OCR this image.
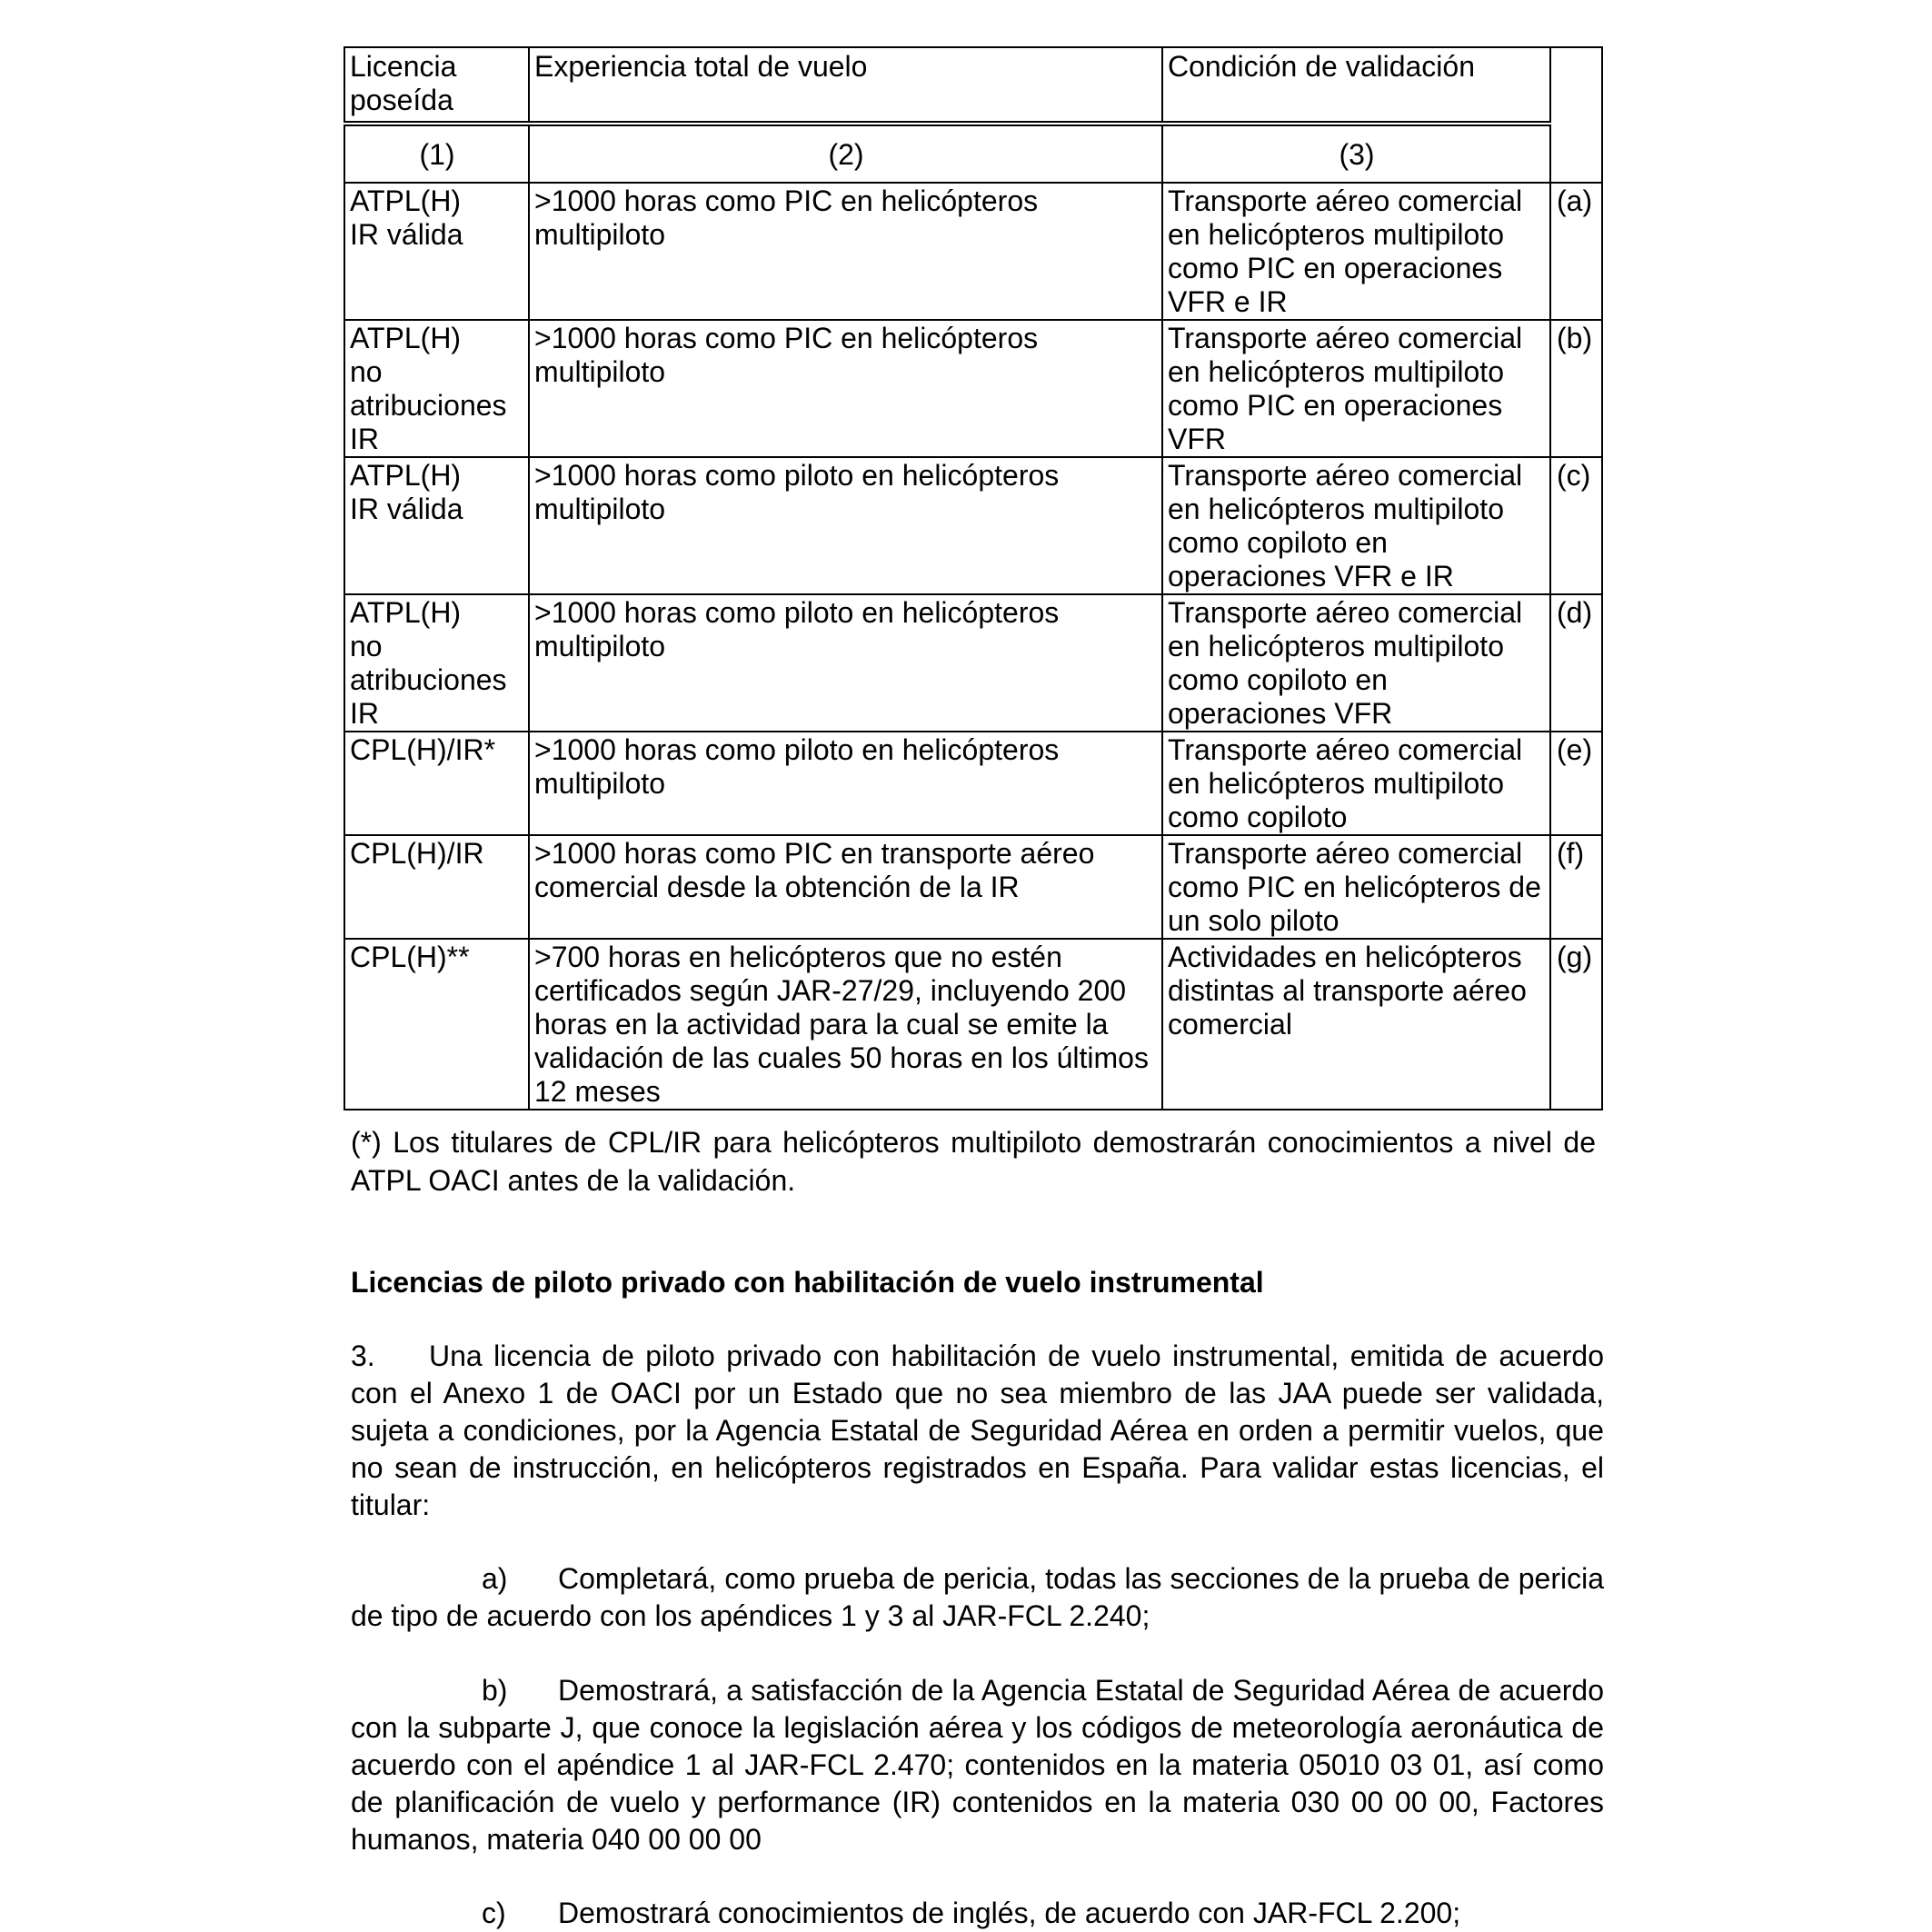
Licencia poseída	Experiencia total de vuelo	Condición de validación	
(1)	(2)	(3)	
ATPL(H)
IR válida	>1000 horas como PIC en helicópteros multipiloto	Transporte aéreo comercial en helicópteros multipiloto como PIC en operaciones VFR e IR	(a)
ATPL(H)
no
atribuciones
IR	>1000 horas como PIC en helicópteros multipiloto	Transporte aéreo comercial en helicópteros multipiloto como PIC en operaciones VFR	(b)
ATPL(H)
IR válida	>1000 horas como piloto en helicópteros multipiloto	Transporte aéreo comercial en helicópteros multipiloto como copiloto en operaciones VFR e IR	(c)
ATPL(H)
no
atribuciones
IR	>1000 horas como piloto en helicópteros multipiloto	Transporte aéreo comercial en helicópteros multipiloto como copiloto en operaciones VFR	(d)
CPL(H)/IR*	>1000 horas como piloto en helicópteros multipiloto	Transporte aéreo comercial en helicópteros multipiloto como copiloto	(e)
CPL(H)/IR	>1000 horas como PIC en transporte aéreo comercial desde la obtención de la IR	Transporte aéreo comercial como PIC en helicópteros de un solo piloto	(f)
CPL(H)**	>700 horas en helicópteros que no estén certificados según JAR-27/29, incluyendo 200 horas en la actividad para la cual se emite la validación de las cuales 50 horas en los últimos 12 meses	Actividades en helicópteros distintas al transporte aéreo comercial	(g)
(*) Los titulares de CPL/IR para helicópteros multipiloto demostrarán conocimientos a nivel de ATPL OACI antes de la validación.
Licencias de piloto privado con habilitación de vuelo instrumental
3. Una licencia de piloto privado con habilitación de vuelo instrumental, emitida de acuerdo con el Anexo 1 de OACI por un Estado que no sea miembro de las JAA puede ser validada, sujeta a condiciones, por la Agencia Estatal de Seguridad Aérea en orden a permitir vuelos, que no sean de instrucción, en helicópteros registrados en España. Para validar estas licencias, el titular:
a) Completará, como prueba de pericia, todas las secciones de la prueba de pericia de tipo de acuerdo con los apéndices 1 y 3 al JAR-FCL 2.240;
b) Demostrará, a satisfacción de la Agencia Estatal de Seguridad Aérea de acuerdo con la subparte J, que conoce la legislación aérea y los códigos de meteorología aeronáutica de acuerdo con el apéndice 1 al JAR-FCL 2.470; contenidos en la materia 05010 03 01, así como de planificación de vuelo y performance (IR) contenidos en la materia 030 00 00 00, Factores humanos, materia 040 00 00 00
c) Demostrará conocimientos de inglés, de acuerdo con JAR-FCL 2.200;
